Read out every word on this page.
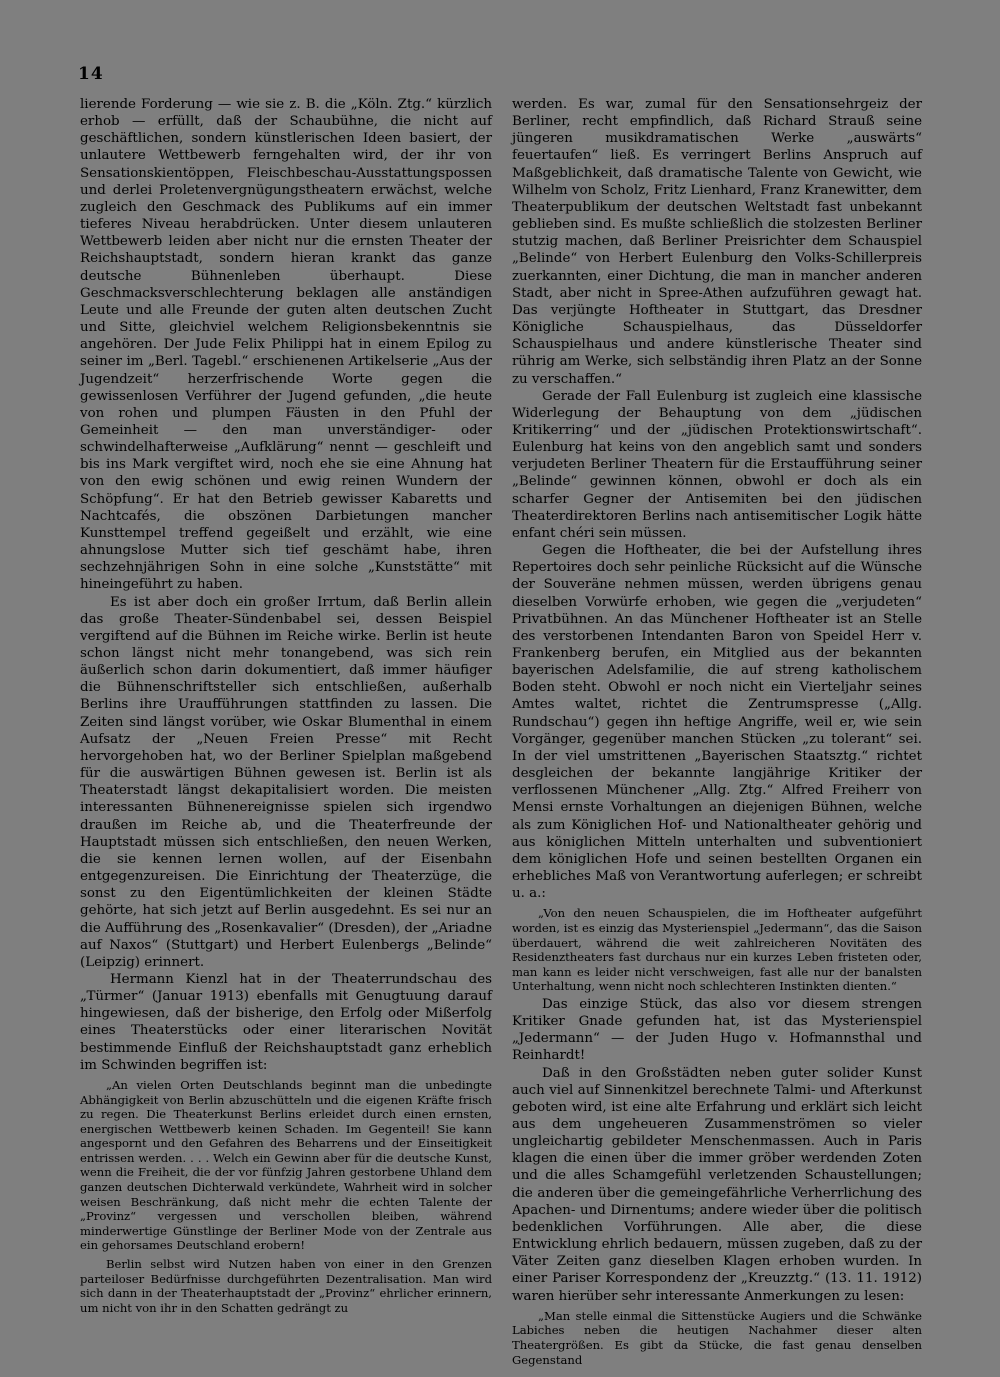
14

lierende Forderung — wie sie z. B. die „Köln. Ztg.“ kürzlich erhob — erfüllt, daß der Schaubühne, die nicht auf geschäftlichen, sondern künstlerischen Ideen basiert, der unlautere Wettbewerb ferngehalten wird, der ihr von Sensationskientöppen, Fleischbeschau-Ausstattungspossen und derlei Proletenvergnügungstheatern erwächst, welche zugleich den Geschmack des Publikums auf ein immer tieferes Niveau herabdrücken. Unter diesem unlauteren Wettbewerb leiden aber nicht nur die ernsten Theater der Reichshauptstadt, sondern hieran krankt das ganze deutsche Bühnenleben überhaupt. Diese Geschmacksverschlechterung beklagen alle anständigen Leute und alle Freunde der guten alten deutschen Zucht und Sitte, gleichviel welchem Religionsbekenntnis sie angehören. Der Jude Felix Philippi hat in einem Epilog zu seiner im „Berl. Tagebl.“ erschienenen Artikelserie „Aus der Jugendzeit“ herzerfrischende Worte gegen die gewissenlosen Verführer der Jugend gefunden, „die heute von rohen und plumpen Fäusten in den Pfuhl der Gemeinheit — den man unverständiger- oder schwindelhafterweise „Aufklärung“ nennt — geschleift und bis ins Mark vergiftet wird, noch ehe sie eine Ahnung hat von den ewig schönen und ewig reinen Wundern der Schöpfung“. Er hat den Betrieb gewisser Kabaretts und Nachtcafés, die obszönen Darbietungen mancher Kunsttempel treffend gegeißelt und erzählt, wie eine ahnungslose Mutter sich tief geschämt habe, ihren sechzehnjährigen Sohn in eine solche „Kunststätte“ mit hineingeführt zu haben.

Es ist aber doch ein großer Irrtum, daß Berlin allein das große Theater-Sündenbabel sei, dessen Beispiel vergiftend auf die Bühnen im Reiche wirke. Berlin ist heute schon längst nicht mehr tonangebend, was sich rein äußerlich schon darin dokumentiert, daß immer häufiger die Bühnenschriftsteller sich entschließen, außerhalb Berlins ihre Uraufführungen stattfinden zu lassen. Die Zeiten sind längst vorüber, wie Oskar Blumenthal in einem Aufsatz der „Neuen Freien Presse“ mit Recht hervorgehoben hat, wo der Berliner Spielplan maßgebend für die auswärtigen Bühnen gewesen ist. Berlin ist als Theaterstadt längst dekapitalisiert worden. Die meisten interessanten Bühnenereignisse spielen sich irgendwo draußen im Reiche ab, und die Theaterfreunde der Hauptstadt müssen sich entschließen, den neuen Werken, die sie kennen lernen wollen, auf der Eisenbahn entgegenzureisen. Die Einrichtung der Theaterzüge, die sonst zu den Eigentümlichkeiten der kleinen Städte gehörte, hat sich jetzt auf Berlin ausgedehnt. Es sei nur an die Aufführung des „Rosenkavalier“ (Dresden), der „Ariadne auf Naxos“ (Stuttgart) und Herbert Eulenbergs „Belinde“ (Leipzig) erinnert.

Hermann Kienzl hat in der Theaterrundschau des „Türmer“ (Januar 1913) ebenfalls mit Genugtuung darauf hingewiesen, daß der bisherige, den Erfolg oder Mißerfolg eines Theaterstücks oder einer literarischen Novität bestimmende Einfluß der Reichshauptstadt ganz erheblich im Schwinden begriffen ist:

„An vielen Orten Deutschlands beginnt man die unbedingte Abhängigkeit von Berlin abzuschütteln und die eigenen Kräfte frisch zu regen. Die Theaterkunst Berlins erleidet durch einen ernsten, energischen Wettbewerb keinen Schaden. Im Gegenteil! Sie kann angespornt und den Gefahren des Beharrens und der Einseitigkeit entrissen werden. . . . Welch ein Gewinn aber für die deutsche Kunst, wenn die Freiheit, die der vor fünfzig Jahren gestorbene Uhland dem ganzen deutschen Dichterwald verkündete, Wahrheit wird in solcher weisen Beschränkung, daß nicht mehr die echten Talente der „Provinz“ vergessen und verschollen bleiben, während minderwertige Günstlinge der Berliner Mode von der Zentrale aus ein gehorsames Deutschland erobern!

Berlin selbst wird Nutzen haben von einer in den Grenzen parteiloser Bedürfnisse durchgeführten Dezentralisation. Man wird sich dann in der Theaterhauptstadt der „Provinz“ ehrlicher erinnern, um nicht von ihr in den Schatten gedrängt zu

werden. Es war, zumal für den Sensationsehrgeiz der Berliner, recht empfindlich, daß Richard Strauß seine jüngeren musikdramatischen Werke „auswärts“ feuertaufen“ ließ. Es verringert Berlins Anspruch auf Maßgeblichkeit, daß dramatische Talente von Gewicht, wie Wilhelm von Scholz, Fritz Lienhard, Franz Kranewitter, dem Theaterpublikum der deutschen Weltstadt fast unbekannt geblieben sind. Es mußte schließlich die stolzesten Berliner stutzig machen, daß Berliner Preisrichter dem Schauspiel „Belinde“ von Herbert Eulenburg den Volks-Schillerpreis zuerkannten, einer Dichtung, die man in mancher anderen Stadt, aber nicht in Spree-Athen aufzuführen gewagt hat. Das verjüngte Hoftheater in Stuttgart, das Dresdner Königliche Schauspielhaus, das Düsseldorfer Schauspielhaus und andere künstlerische Theater sind rührig am Werke, sich selbständig ihren Platz an der Sonne zu verschaffen.“

Gerade der Fall Eulenburg ist zugleich eine klassische Widerlegung der Behauptung von dem „jüdischen Kritikerring“ und der „jüdischen Protektionswirtschaft“. Eulenburg hat keins von den angeblich samt und sonders verjudeten Berliner Theatern für die Erstaufführung seiner „Belinde“ gewinnen können, obwohl er doch als ein scharfer Gegner der Antisemiten bei den jüdischen Theaterdirektoren Berlins nach antisemitischer Logik hätte enfant chéri sein müssen.

Gegen die Hoftheater, die bei der Aufstellung ihres Repertoires doch sehr peinliche Rücksicht auf die Wünsche der Souveräne nehmen müssen, werden übrigens genau dieselben Vorwürfe erhoben, wie gegen die „verjudeten“ Privatbühnen. An das Münchener Hoftheater ist an Stelle des verstorbenen Intendanten Baron von Speidel Herr v. Frankenberg berufen, ein Mitglied aus der bekannten bayerischen Adelsfamilie, die auf streng katholischem Boden steht. Obwohl er noch nicht ein Vierteljahr seines Amtes waltet, richtet die Zentrumspresse („Allg. Rundschau“) gegen ihn heftige Angriffe, weil er, wie sein Vorgänger, gegenüber manchen Stücken „zu tolerant“ sei. In der viel umstrittenen „Bayerischen Staatsztg.“ richtet desgleichen der bekannte langjährige Kritiker der verflossenen Münchener „Allg. Ztg.“ Alfred Freiherr von Mensi ernste Vorhaltungen an diejenigen Bühnen, welche als zum Königlichen Hof- und Nationaltheater gehörig und aus königlichen Mitteln unterhalten und subventioniert dem königlichen Hofe und seinen bestellten Organen ein erhebliches Maß von Verantwortung auferlegen; er schreibt u. a.:

„Von den neuen Schauspielen, die im Hoftheater aufgeführt worden, ist es einzig das Mysterienspiel „Jedermann“, das die Saison überdauert, während die weit zahlreicheren Novitäten des Residenztheaters fast durchaus nur ein kurzes Leben fristeten oder, man kann es leider nicht verschweigen, fast alle nur der banalsten Unterhaltung, wenn nicht noch schlechteren Instinkten dienten.“

Das einzige Stück, das also vor diesem strengen Kritiker Gnade gefunden hat, ist das Mysterienspiel „Jedermann“ — der Juden Hugo v. Hofmannsthal und Reinhardt!

Daß in den Großstädten neben guter solider Kunst auch viel auf Sinnenkitzel berechnete Talmi- und Afterkunst geboten wird, ist eine alte Erfahrung und erklärt sich leicht aus dem ungeheueren Zusammenströmen so vieler ungleichartig gebildeter Menschenmassen. Auch in Paris klagen die einen über die immer gröber werdenden Zoten und die alles Schamgefühl verletzenden Schaustellungen; die anderen über die gemeingefährliche Verherrlichung des Apachen- und Dirnentums; andere wieder über die politisch bedenklichen Vorführungen. Alle aber, die diese Entwicklung ehrlich bedauern, müssen zugeben, daß zu der Väter Zeiten ganz dieselben Klagen erhoben wurden. In einer Pariser Korrespondenz der „Kreuzztg.“ (13. 11. 1912) waren hierüber sehr interessante Anmerkungen zu lesen:

„Man stelle einmal die Sittenstücke Augiers und die Schwänke Labiches neben die heutigen Nachahmer dieser alten Theatergrößen. Es gibt da Stücke, die fast genau denselben Gegenstand
